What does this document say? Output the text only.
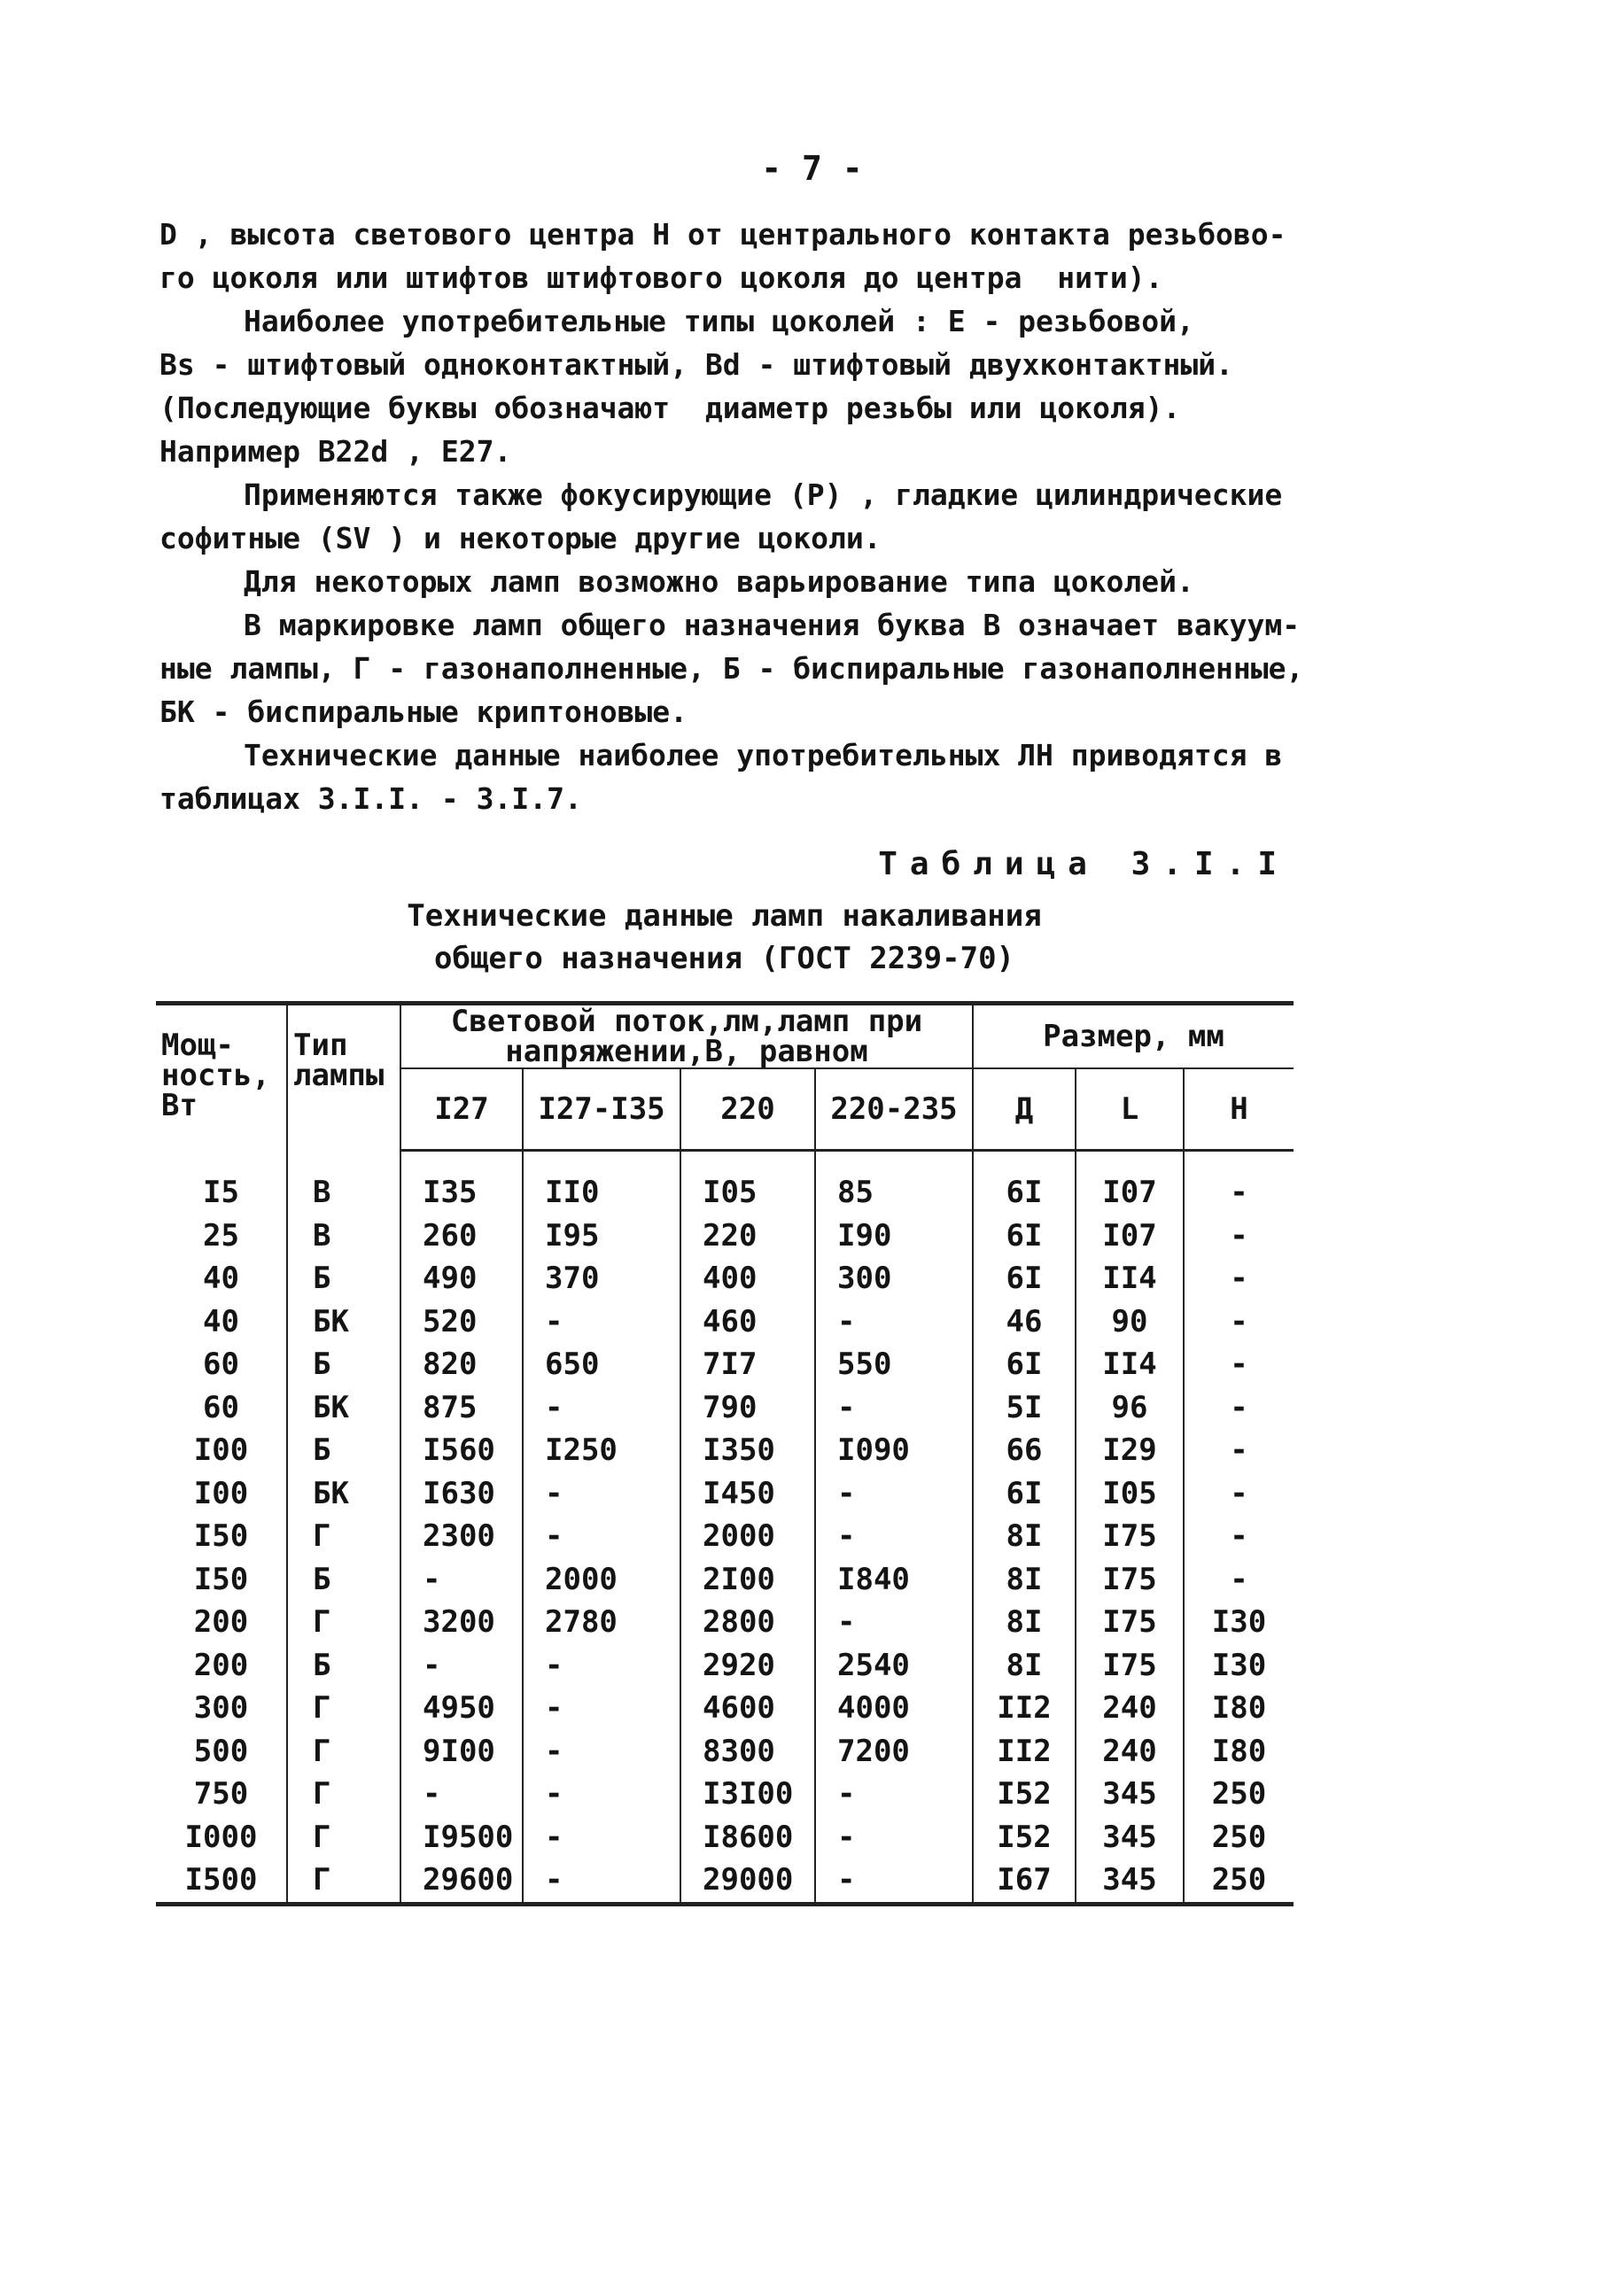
- 7 -
D , высота светового центра Н от центрального контакта резьбово-
го цоколя или штифтов штифтового цоколя до центра  нити).
Наиболее употребительные типы цоколей : E - резьбовой,
Bs - штифтовый одноконтактный, Bd - штифтовый двухконтактный.
(Последующие буквы обозначают  диаметр резьбы или цоколя).
Например B22d , E27.
Применяются также фокусирующие (Р) , гладкие цилиндрические
софитные (SV ) и некоторые другие цоколи.
Для некоторых ламп возможно варьирование типа цоколей.
В маркировке ламп общего назначения буква В означает вакуум-
ные лампы, Г - газонаполненные, Б - биспиральные газонаполненные,
БК - биспиральные криптоновые.
Технические данные наиболее употребительных ЛН приводятся в
таблицах 3.I.I. - 3.I.7.
Таблица 3.I.I
Технические данные ламп накаливания
общего назначения (ГОСТ 2239-70)
Мощ- ность, Вт	Тип лампы	Световой поток,лм,ламп при напряжении,В, равном				Размер, мм		
		I27	I27-I35	220	220-235	Д	L	Н
I5	В	I35	II0	I05	85	6I	I07	-
25	В	260	I95	220	I90	6I	I07	-
40	Б	490	370	400	300	6I	II4	-
40	БК	520	-	460	-	46	90	-
60	Б	820	650	7I7	550	6I	II4	-
60	БК	875	-	790	-	5I	96	-
I00	Б	I560	I250	I350	I090	66	I29	-
I00	БК	I630	-	I450	-	6I	I05	-
I50	Г	2300	-	2000	-	8I	I75	-
I50	Б	-	2000	2I00	I840	8I	I75	-
200	Г	3200	2780	2800	-	8I	I75	I30
200	Б	-	-	2920	2540	8I	I75	I30
300	Г	4950	-	4600	4000	II2	240	I80
500	Г	9I00	-	8300	7200	II2	240	I80
750	Г	-	-	I3I00	-	I52	345	250
I000	Г	I9500	-	I8600	-	I52	345	250
I500	Г	29600	-	29000	-	I67	345	250
